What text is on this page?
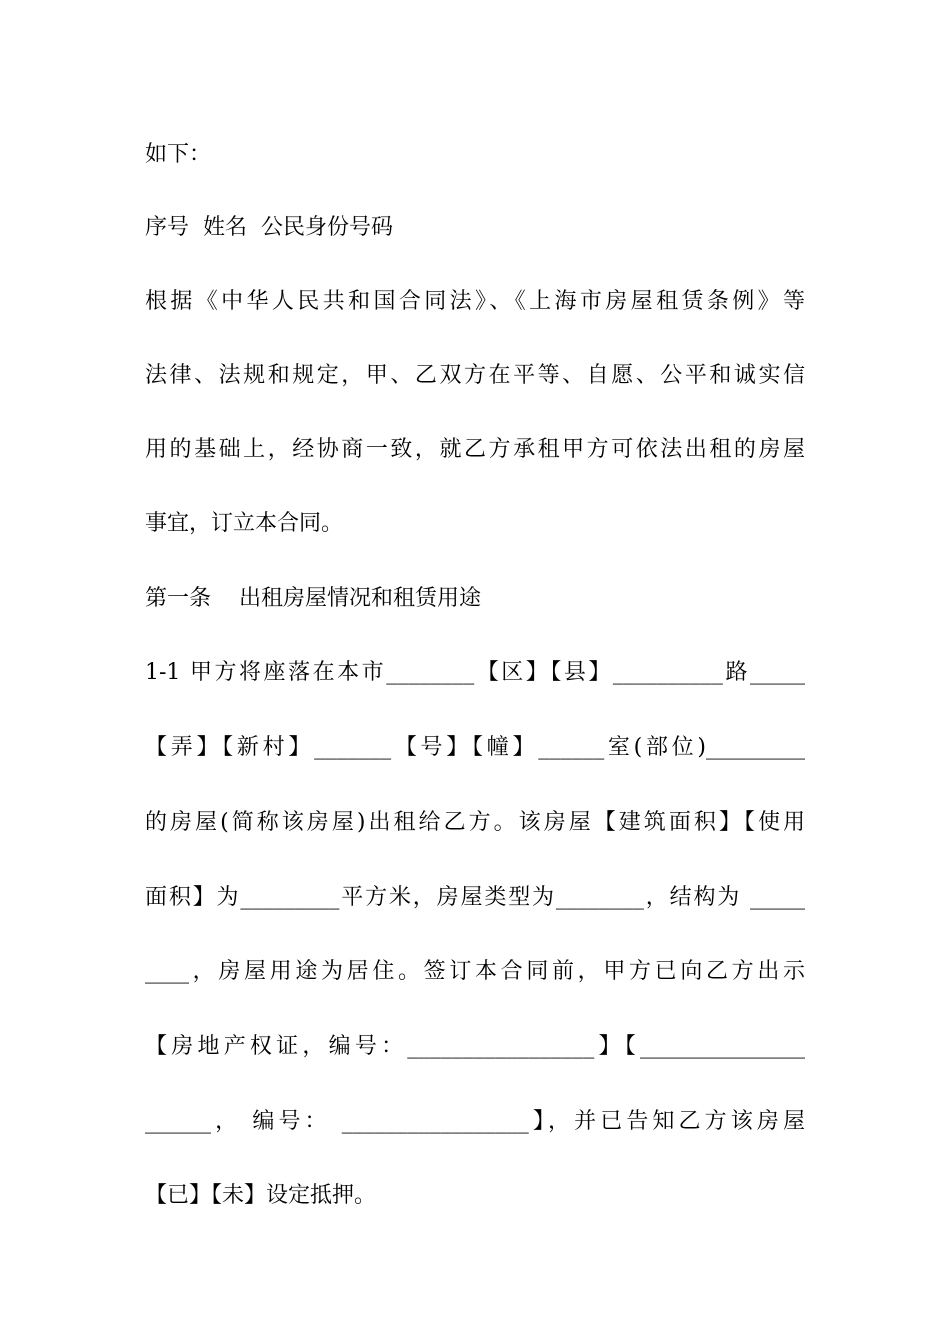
如下：
序号  姓名  公民身份号码
根据《中华人民共和国合同法》、《上海市房屋租赁条例》等
法律、法规和规定，甲、乙双方在平等、自愿、公平和诚实信
用的基础上，经协商一致，就乙方承租甲方可依法出租的房屋
事宜，订立本合同。
第一条    出租房屋情况和租赁用途
1-1 甲方将座落在本市________【区】【县】__________路_____
【弄】【新村】_______【号】【幢】______室(部位)_________
的房屋(简称该房屋)出租给乙方。该房屋【建筑面积】【使用
面积】为_________平方米，房屋类型为________，结构为 _____
____，房屋用途为居住。签订本合同前，甲方已向乙方出示
【房地产权证，编号：_________________】【_______________
______， 编号： _________________】，并已告知乙方该房屋
【已】【未】设定抵押。
